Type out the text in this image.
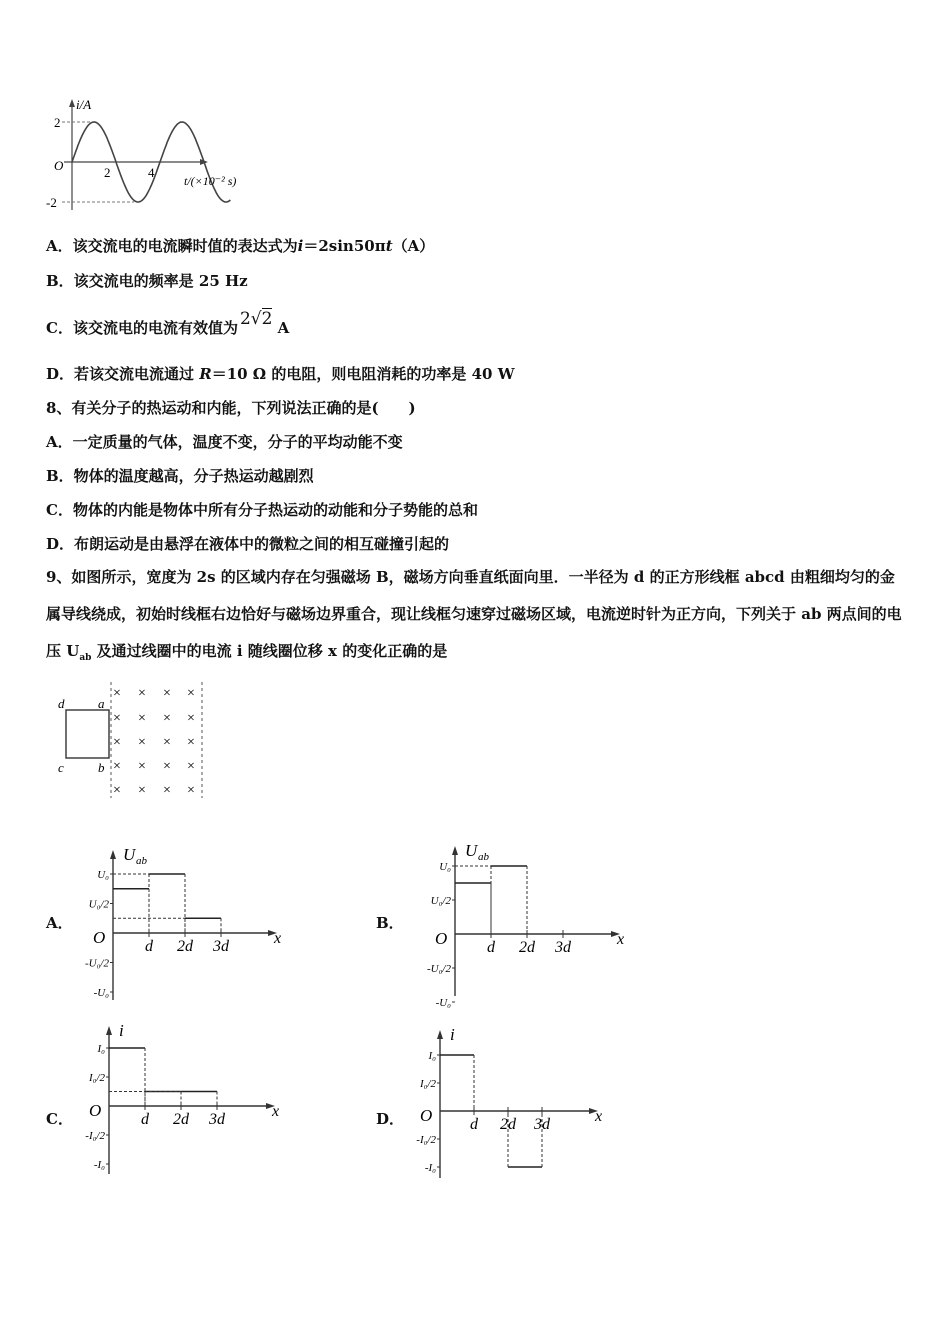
i/A
2
-2
O	2	4
t/(×10⁻² s)
A．该交流电的电流瞬时值的表达式为i＝2sin50πt（A）
B．该交流电的频率是 25 Hz
C．该交流电的电流有效值为 2√2 A
D．若该交流电流通过 R＝10 Ω 的电阻，则电阻消耗的功率是 40 W
8、有关分子的热运动和内能，下列说法正确的是(　　)
A．一定质量的气体，温度不变，分子的平均动能不变
B．物体的温度越高，分子热运动越剧烈
C．物体的内能是物体中所有分子热运动的动能和分子势能的总和
D．布朗运动是由悬浮在液体中的微粒之间的相互碰撞引起的
9、如图所示，宽度为 2s 的区域内存在匀强磁场 B，磁场方向垂直纸面向里．一半径为 d 的正方形线框 abcd 由粗细均匀的金属导线绕成，初始时线框右边恰好与磁场边界重合，现让线框匀速穿过磁场区域，电流逆时针为正方向，下列关于 ab 两点间的电压 $U_{ab}$ 及通过线圈中的电流 i 随线圈位移 x 的变化正确的是
× × × ×
× × × ×
× × × ×
× × × ×
× × × ×
d	a
c	b
A．	B．
C．	D．
U₀
U₀/2
-U₀/2
-U₀
d 2d 3d
O	x
U ab	U₀
U₀/2
-U₀/2
-U₀
d 2d 3d
O	x
U ab
I₀
I₀/2
-I₀/2
-I₀
d 2d 3d
O	x
i
I₀
I₀/2
-I₀/2
-I₀
d 2d 3d
O	x
i
